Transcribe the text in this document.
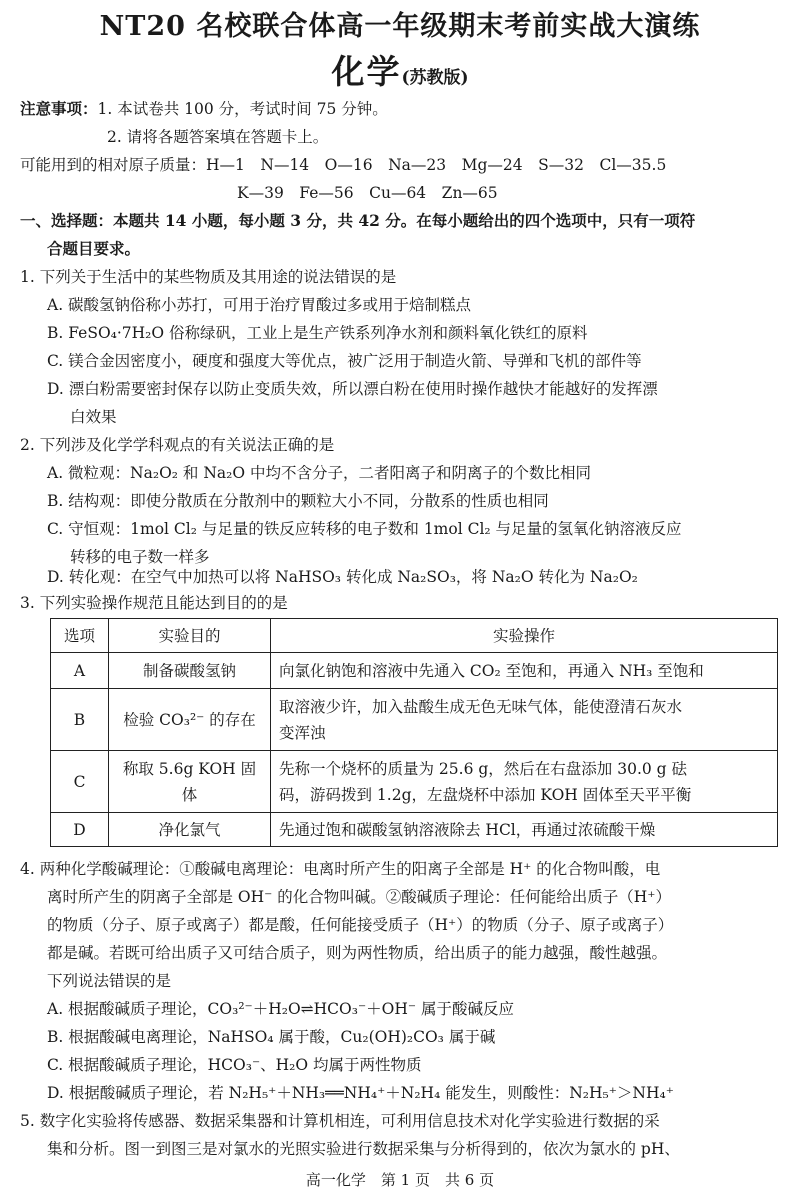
NT20 名校联合体高一年级期末考前实战大演练
化学(苏教版)
注意事项：1. 本试卷共 100 分，考试时间 75 分钟。
2. 请将各题答案填在答题卡上。
可能用到的相对原子质量：H—1　N—14　O—16　Na—23　Mg—24　S—32　Cl—35.5
K—39　Fe—56　Cu—64　Zn—65
一、选择题：本题共 14 小题，每小题 3 分，共 42 分。在每小题给出的四个选项中，只有一项符
合题目要求。
1. 下列关于生活中的某些物质及其用途的说法错误的是
A. 碳酸氢钠俗称小苏打，可用于治疗胃酸过多或用于焙制糕点
B. FeSO₄·7H₂O 俗称绿矾，工业上是生产铁系列净水剂和颜料氧化铁红的原料
C. 镁合金因密度小，硬度和强度大等优点，被广泛用于制造火箭、导弹和飞机的部件等
D. 漂白粉需要密封保存以防止变质失效，所以漂白粉在使用时操作越快才能越好的发挥漂
白效果
2. 下列涉及化学学科观点的有关说法正确的是
A. 微粒观：Na₂O₂ 和 Na₂O 中均不含分子，二者阳离子和阴离子的个数比相同
B. 结构观：即使分散质在分散剂中的颗粒大小不同，分散系的性质也相同
C. 守恒观：1mol Cl₂ 与足量的铁反应转移的电子数和 1mol Cl₂ 与足量的氢氧化钠溶液反应
转移的电子数一样多
D. 转化观：在空气中加热可以将 NaHSO₃ 转化成 Na₂SO₃，将 Na₂O 转化为 Na₂O₂
3. 下列实验操作规范且能达到目的的是
选项	实验目的	实验操作
A	制备碳酸氢钠	向氯化钠饱和溶液中先通入 CO₂ 至饱和，再通入 NH₃ 至饱和

B	检验 CO₃²⁻ 的存在	取溶液少许，加入盐酸生成无色无味气体，能使澄清石灰水
变浑浊

C	称取 5.6g KOH 固体	先称一个烧杯的质量为 25.6 g，然后在右盘添加 30.0 g 砝
码，游码拨到 1.2g，左盘烧杯中添加 KOH 固体至天平平衡

D	净化氯气	先通过饱和碳酸氢钠溶液除去 HCl，再通过浓硫酸干燥
4. 两种化学酸碱理论：①酸碱电离理论：电离时所产生的阳离子全部是 H⁺ 的化合物叫酸，电
离时所产生的阴离子全部是 OH⁻ 的化合物叫碱。②酸碱质子理论：任何能给出质子（H⁺）
的物质（分子、原子或离子）都是酸，任何能接受质子（H⁺）的物质（分子、原子或离子）
都是碱。若既可给出质子又可结合质子，则为两性物质，给出质子的能力越强，酸性越强。
下列说法错误的是
A. 根据酸碱质子理论，CO₃²⁻＋H₂O⇌HCO₃⁻＋OH⁻ 属于酸碱反应
B. 根据酸碱电离理论，NaHSO₄ 属于酸，Cu₂(OH)₂CO₃ 属于碱
C. 根据酸碱质子理论，HCO₃⁻、H₂O 均属于两性物质
D. 根据酸碱质子理论，若 N₂H₅⁺＋NH₃══NH₄⁺＋N₂H₄ 能发生，则酸性：N₂H₅⁺＞NH₄⁺
5. 数字化实验将传感器、数据采集器和计算机相连，可利用信息技术对化学实验进行数据的采
集和分析。图一到图三是对氯水的光照实验进行数据采集与分析得到的，依次为氯水的 pH、
高一化学　第 1 页　共 6 页
